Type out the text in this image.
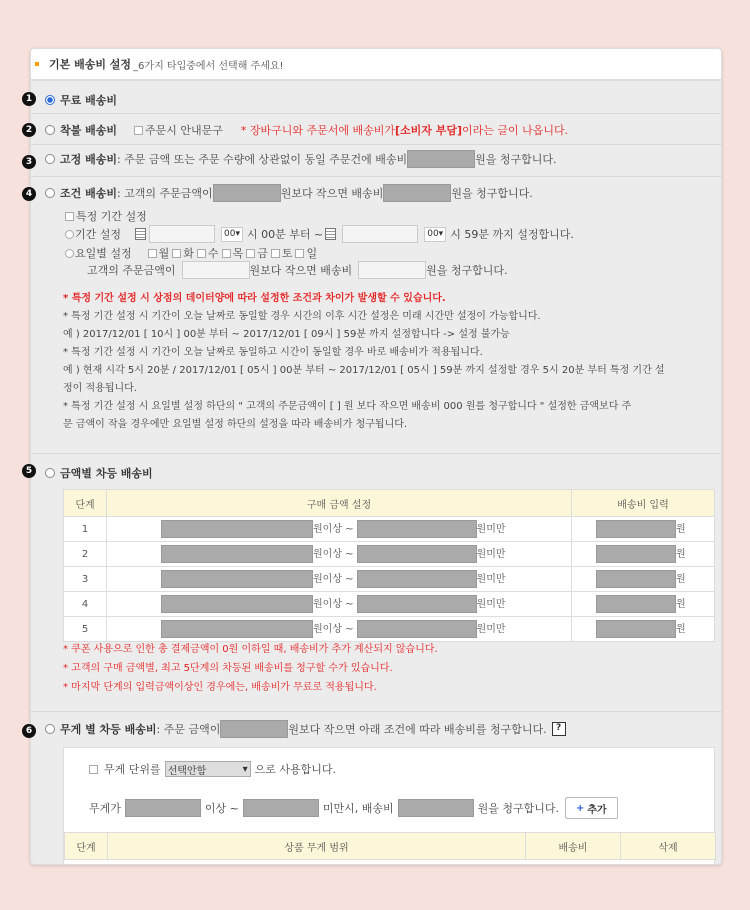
기본 배송비 설정 _6가지 타입중에서 선택해 주세요!
무료 배송비
착불 배송비	주문시 안내문구 * 장바구니와 주문서에 배송비가 [소비자 부담] 이라는 글이 나옵니다.
고정 배송비 : 주문 금액 또는 주문 수량에 상관없이 동일 주문건에 배송비	원을 청구합니다.
조건 배송비 : 고객의 주문금액이	원보다 작으면 배송비	원을 청구합니다.
특정 기간 설정
기간 설정	00 ▾ 시 00분 부터 ~	00 ▾ 시 59분 까지 설정합니다.
요일별 설정 월 화 수 목 금 토 일
고객의 주문금액이	원보다 작으면 배송비	원을 청구합니다.
* 특정 기간 설정 시 상점의 데이터양에 따라 설정한 조건과 차이가 발생할 수 있습니다.
* 특정 기간 설정 시 기간이 오늘 날짜로 동일할 경우 시간의 이후 시간 설정은 미래 시간만 설정이 가능합니다.
예 ) 2017/12/01 [ 10시 ] 00분 부터 ~ 2017/12/01 [ 09시 ] 59분 까지 설정합니다 -> 설정 불가능
* 특정 기간 설정 시 기간이 오늘 날짜로 동일하고 시간이 동일할 경우 바로 배송비가 적용됩니다.
예 ) 현재 시각 5시 20분 / 2017/12/01 [ 05시 ] 00분 부터 ~ 2017/12/01 [ 05시 ] 59분 까지 설정할 경우 5시 20분 부터 특정 기간 설
정이 적용됩니다.
* 특정 기간 설정 시 요일별 설정 하단의 " 고객의 주문금액이 [ ] 원 보다 작으면 배송비 000 원를 청구합니다 " 설정한 금액보다 주
문 금액이 작을 경우에만 요일별 설정 하단의 설정을 따라 배송비가 청구됩니다.
금액별 차등 배송비
단계	구매 금액 설정	배송비 입력
1	원이상 ~ 원미만	원
2	원이상 ~ 원미만	원
3	원이상 ~ 원미만	원
4	원이상 ~ 원미만	원
5	원이상 ~ 원미만	원
* 쿠폰 사용으로 인한 총 결제금액이 0원 이하일 때, 배송비가 추가 계산되지 않습니다.
* 고객의 구매 금액별, 최고 5단계의 차등된 배송비를 청구할 수가 있습니다.
* 마지막 단계의 입력금액이상인 경우에는, 배송비가 무료로 적용됩니다.
무게 별 차등 배송비 : 주문 금액이	원보다 작으면 아래 조건에 따라 배송비를 청구합니다.	?
무게 단위를 선택안함	▾ 으로 사용합니다.
무게가	이상 ~	미만시, 배송비	원을 청구합니다. + 추가
단계	상품 무게 범위	배송비	삭제
1
2
3
4
5
6
